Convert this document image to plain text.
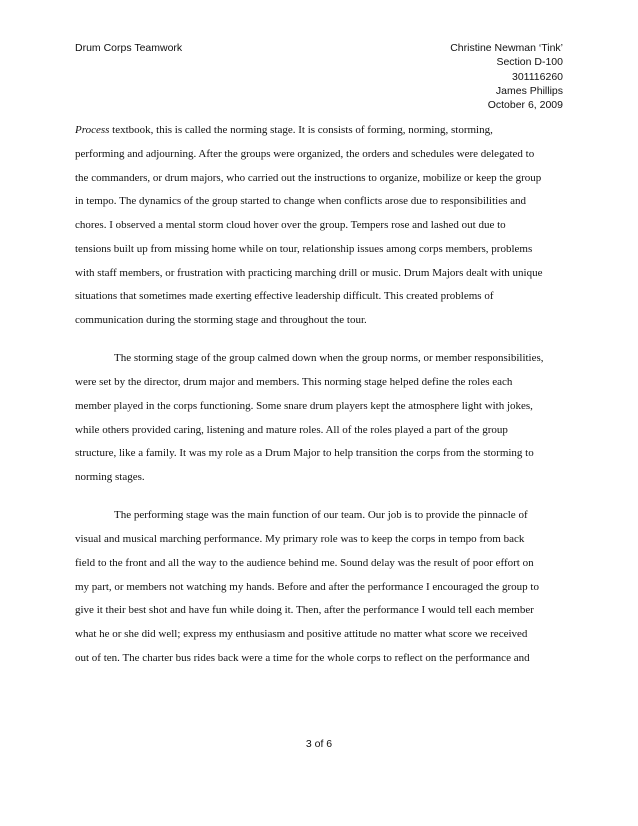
Drum Corps Teamwork	Christine Newman ‘Tink’
Section D-100
301116260
James Phillips
October 6, 2009
Process textbook, this is called the norming stage. It is consists of forming, norming, storming,
performing and adjourning. After the groups were organized, the orders and schedules were delegated to
the commanders, or drum majors, who carried out the instructions to organize, mobilize or keep the group
in tempo. The dynamics of the group started to change when conflicts arose due to responsibilities and
chores. I observed a mental storm cloud hover over the group. Tempers rose and lashed out due to
tensions built up from missing home while on tour, relationship issues among corps members, problems
with staff members, or frustration with practicing marching drill or music. Drum Majors dealt with unique
situations that sometimes made exerting effective leadership difficult. This created problems of
communication during the storming stage and throughout the tour.
The storming stage of the group calmed down when the group norms, or member responsibilities,
were set by the director, drum major and members. This norming stage helped define the roles each
member played in the corps functioning. Some snare drum players kept the atmosphere light with jokes,
while others provided caring, listening and mature roles. All of the roles played a part of the group
structure, like a family. It was my role as a Drum Major to help transition the corps from the storming to
norming stages.
The performing stage was the main function of our team. Our job is to provide the pinnacle of
visual and musical marching performance. My primary role was to keep the corps in tempo from back
field to the front and all the way to the audience behind me. Sound delay was the result of poor effort on
my part, or members not watching my hands. Before and after the performance I encouraged the group to
give it their best shot and have fun while doing it. Then, after the performance I would tell each member
what he or she did well; express my enthusiasm and positive attitude no matter what score we received
out of ten. The charter bus rides back were a time for the whole corps to reflect on the performance and
3 of 6
